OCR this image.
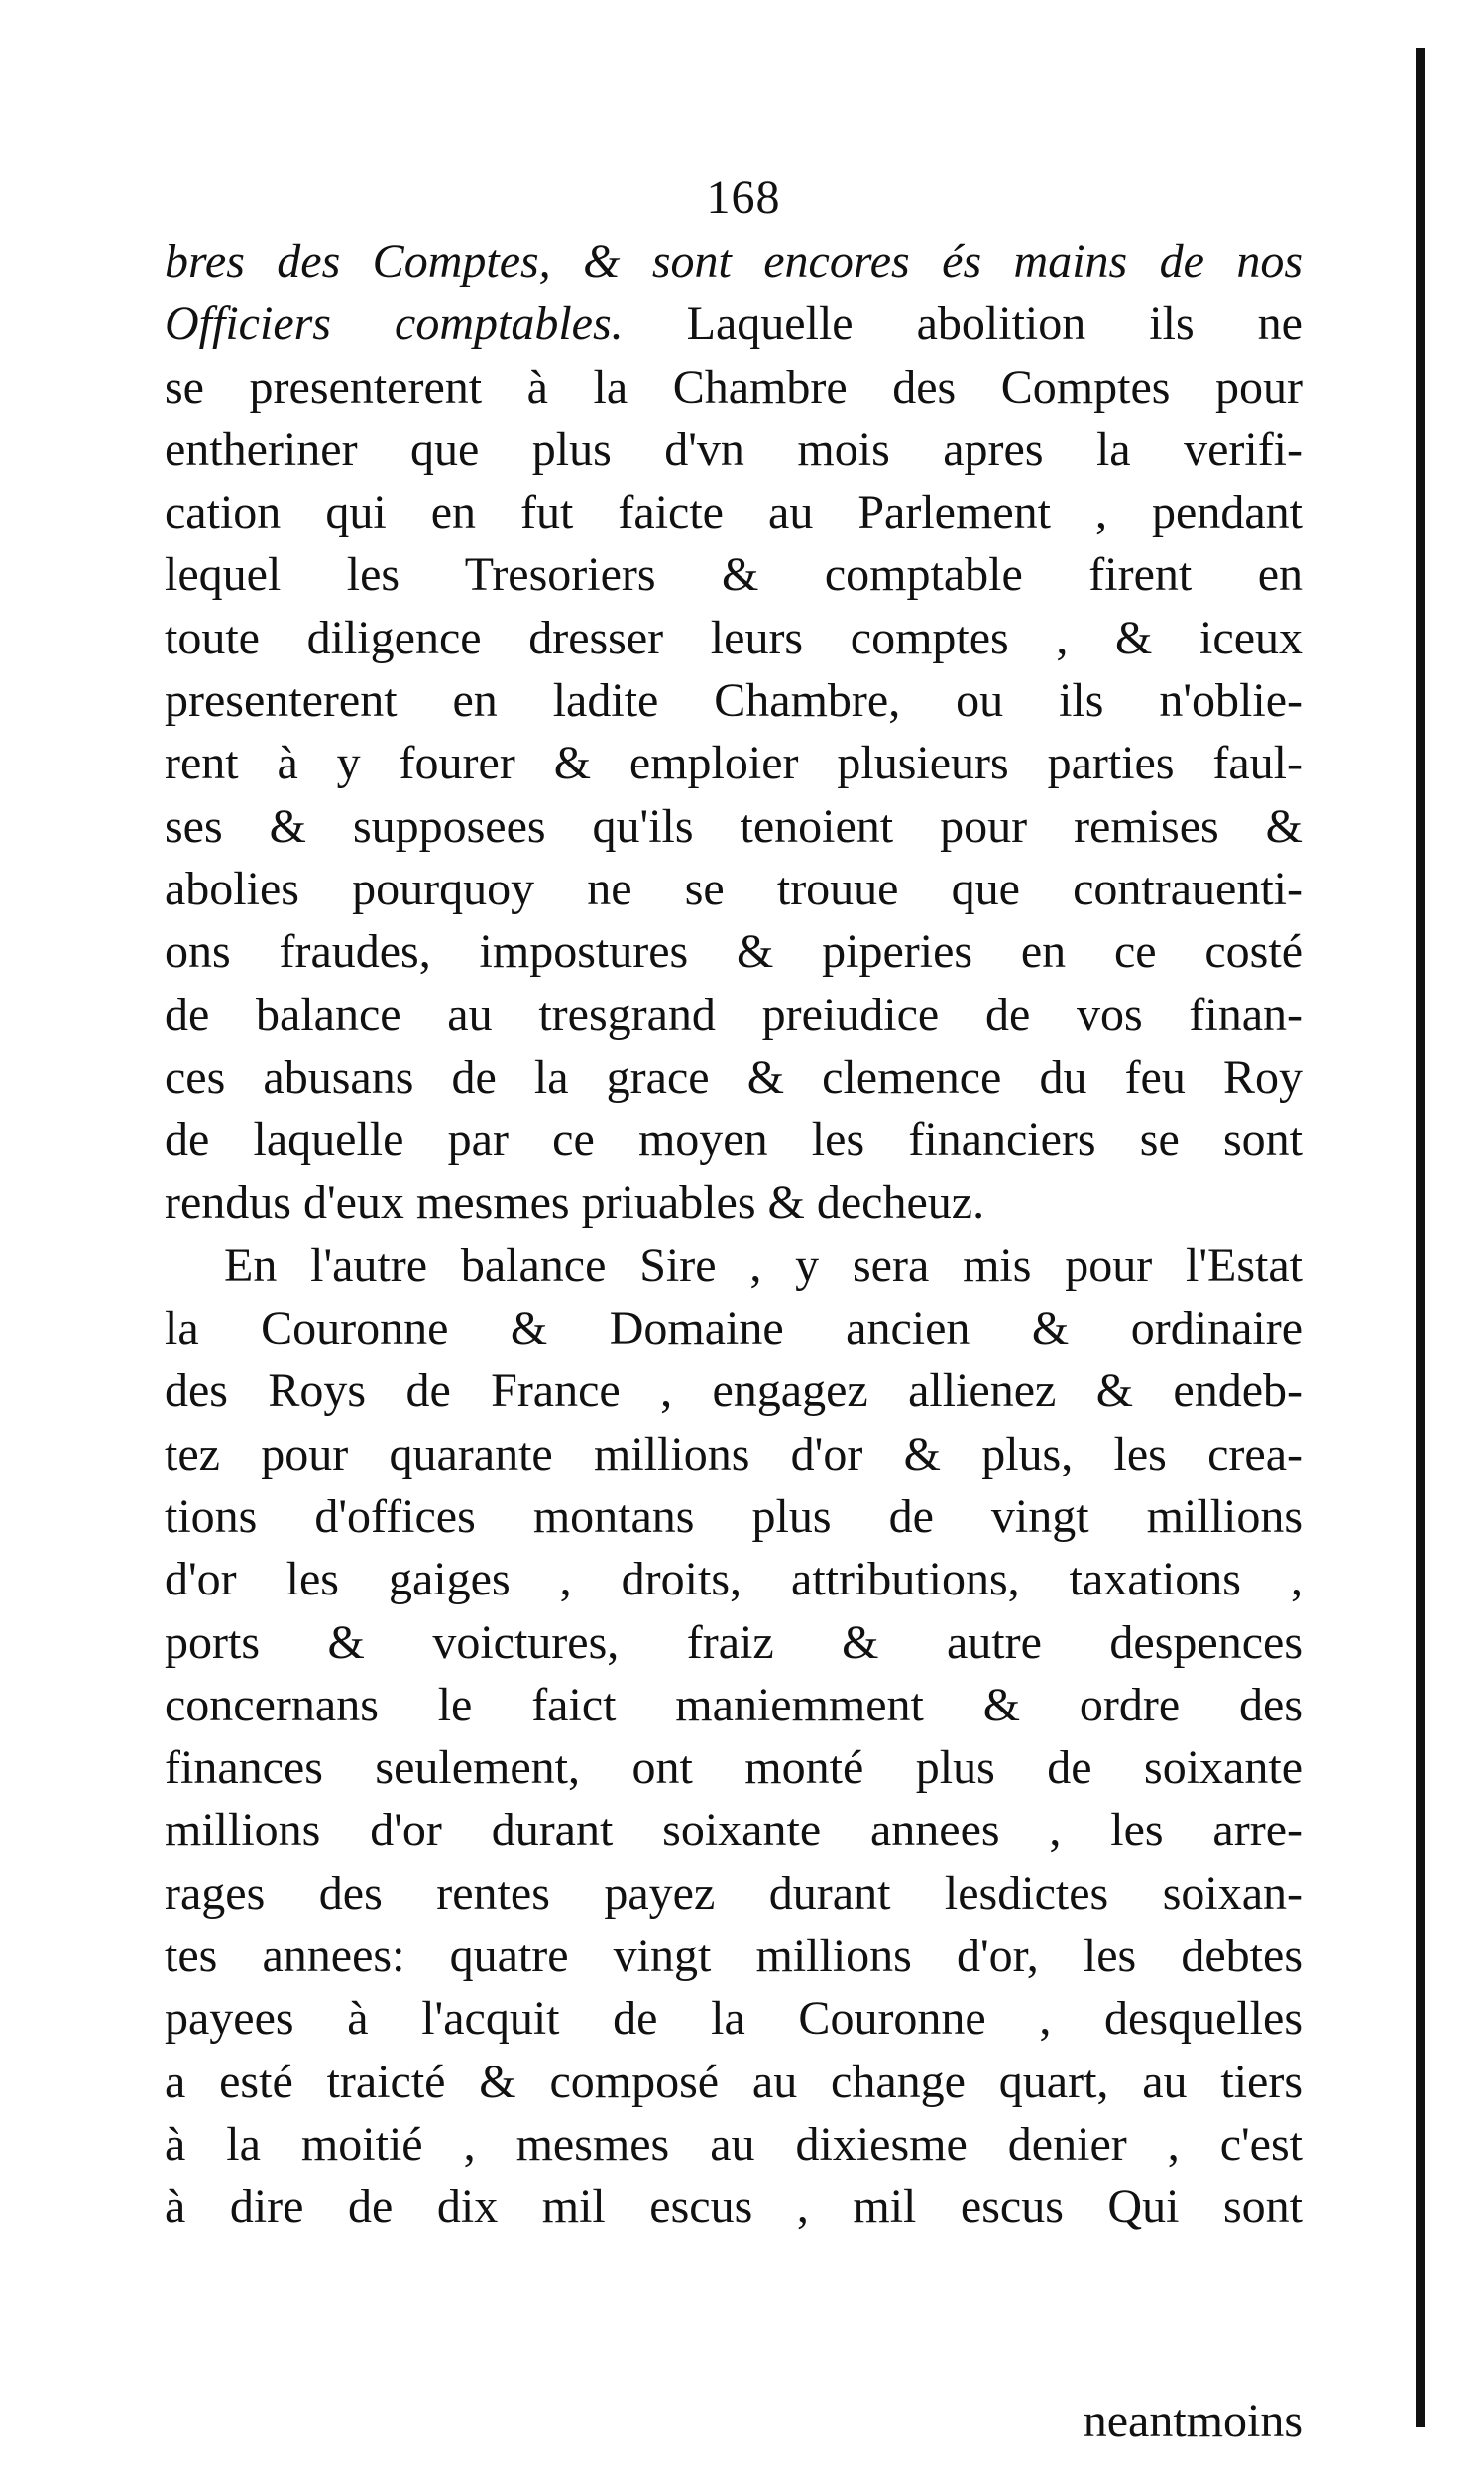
168
bres des Comptes, & sont encores és mains de nos
Officiers comptables. Laquelle abolition ils ne
se presenterent à la Chambre des Comptes pour
entheriner que plus d'vn mois apres la verifi-
cation qui en fut faicte au Parlement , pendant
lequel les Tresoriers & comptable firent en
toute diligence dresser leurs comptes , & iceux
presenterent en ladite Chambre, ou ils n'oblie-
rent à y fourer & emploier plusieurs parties faul-
ses & supposees qu'ils tenoient pour remises &
abolies pourquoy ne se trouue que contrauenti-
ons fraudes, impostures & piperies en ce costé
de balance au tresgrand preiudice de vos finan-
ces abusans de la grace & clemence du feu Roy
de laquelle par ce moyen les financiers se sont
rendus d'eux mesmes priuables & decheuz.
En l'autre balance Sire , y sera mis pour l'Estat
la Couronne & Domaine ancien & ordinaire
des Roys de France , engagez allienez & endeb-
tez pour quarante millions d'or & plus, les crea-
tions d'offices montans plus de vingt millions
d'or les gaiges , droits, attributions, taxations ,
ports & voictures, fraiz & autre despences
concernans le faict maniemment & ordre des
finances seulement, ont monté plus de soixante
millions d'or durant soixante annees , les arre-
rages des rentes payez durant lesdictes soixan-
tes annees: quatre vingt millions d'or, les debtes
payees à l'acquit de la Couronne , desquelles
a esté traicté & composé au change quart, au tiers
à la moitié , mesmes au dixiesme denier , c'est
à dire de dix mil escus , mil escus Qui sont
neantmoins
